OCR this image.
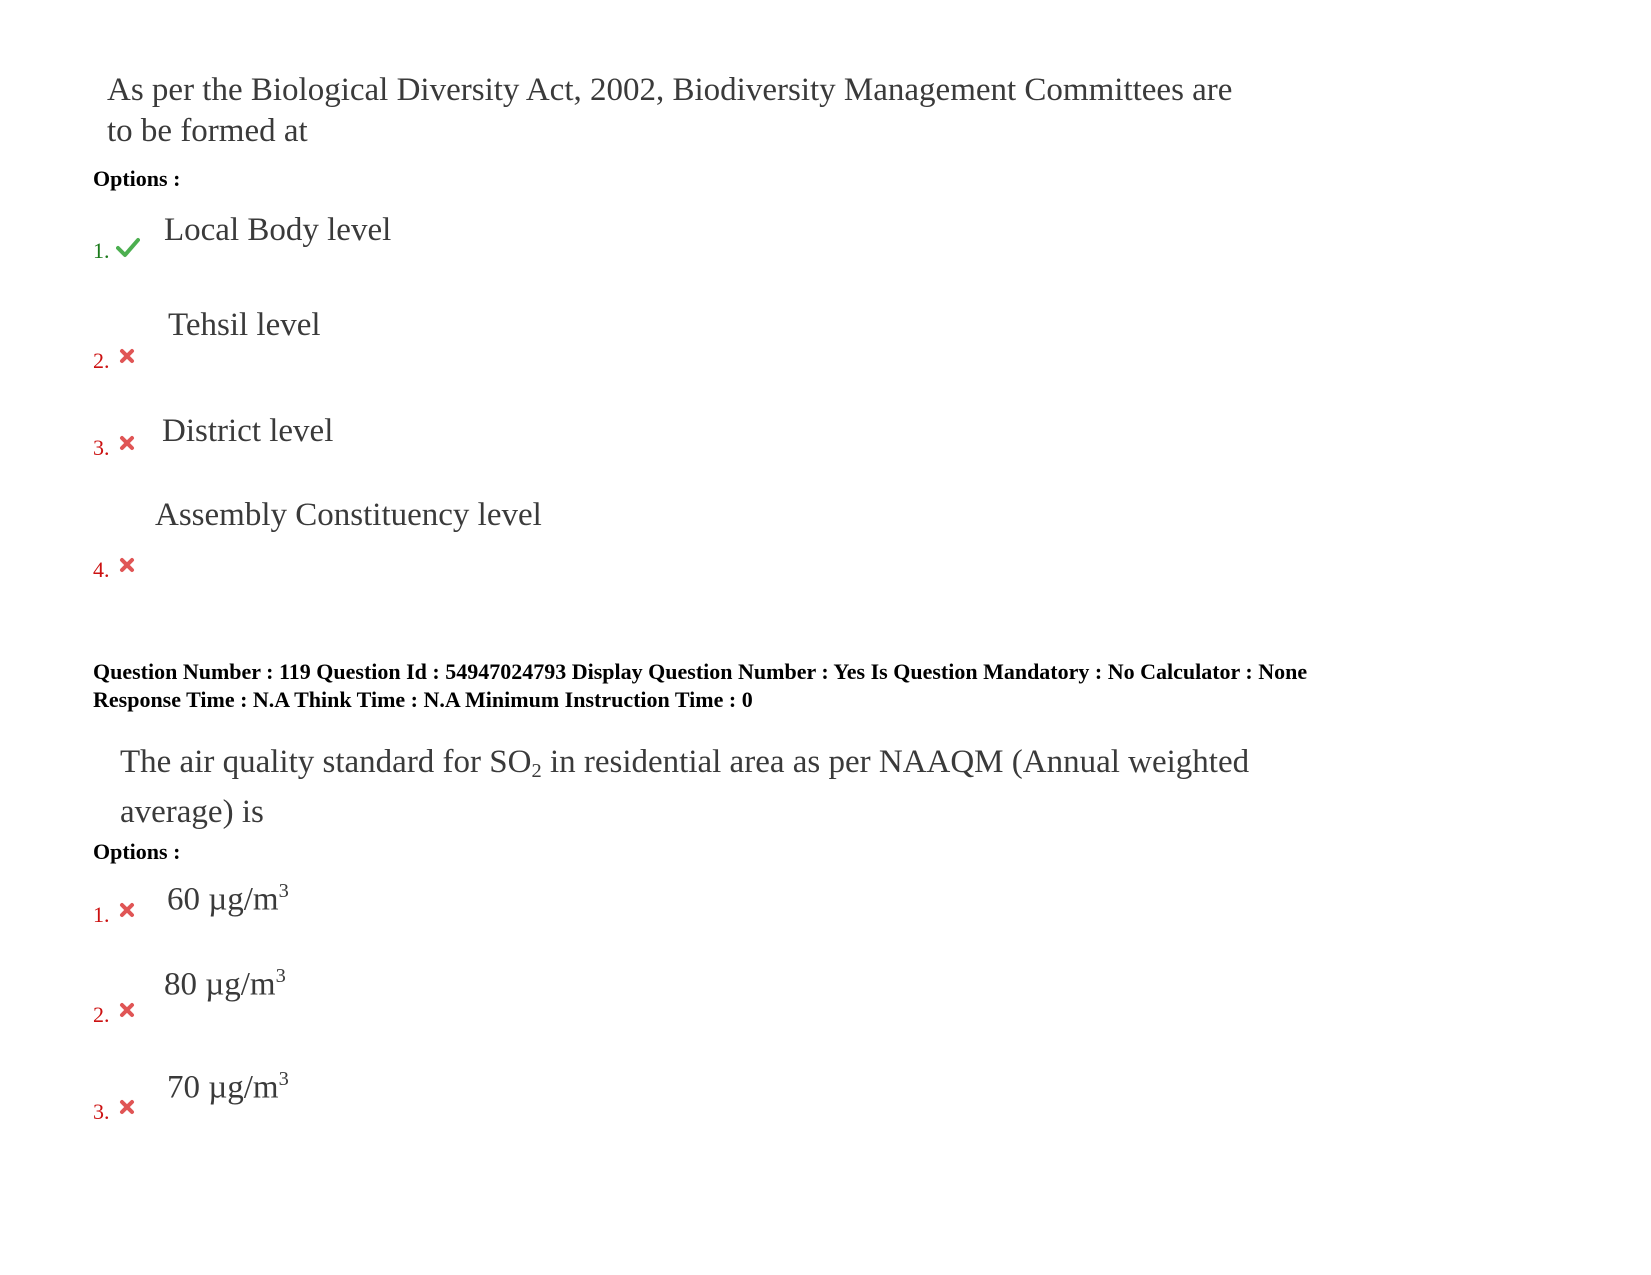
As per the Biological Diversity Act, 2002, Biodiversity Management Committees are
to be formed at
Options :
1.
Local Body level
2.
Tehsil level
3. District level
4.
Assembly Constituency level
Question Number : 119 Question Id : 54947024793 Display Question Number : Yes Is Question Mandatory : No Calculator : None
Response Time : N.A Think Time : N.A Minimum Instruction Time : 0
The air quality standard for $SO_2$ in residential area as per NAAQM (Annual weighted
average) is
Options :
1. 60 $\mu g/m^3$
2.
80 $\mu g/m^3$
3.
70 $\mu g/m^3$
